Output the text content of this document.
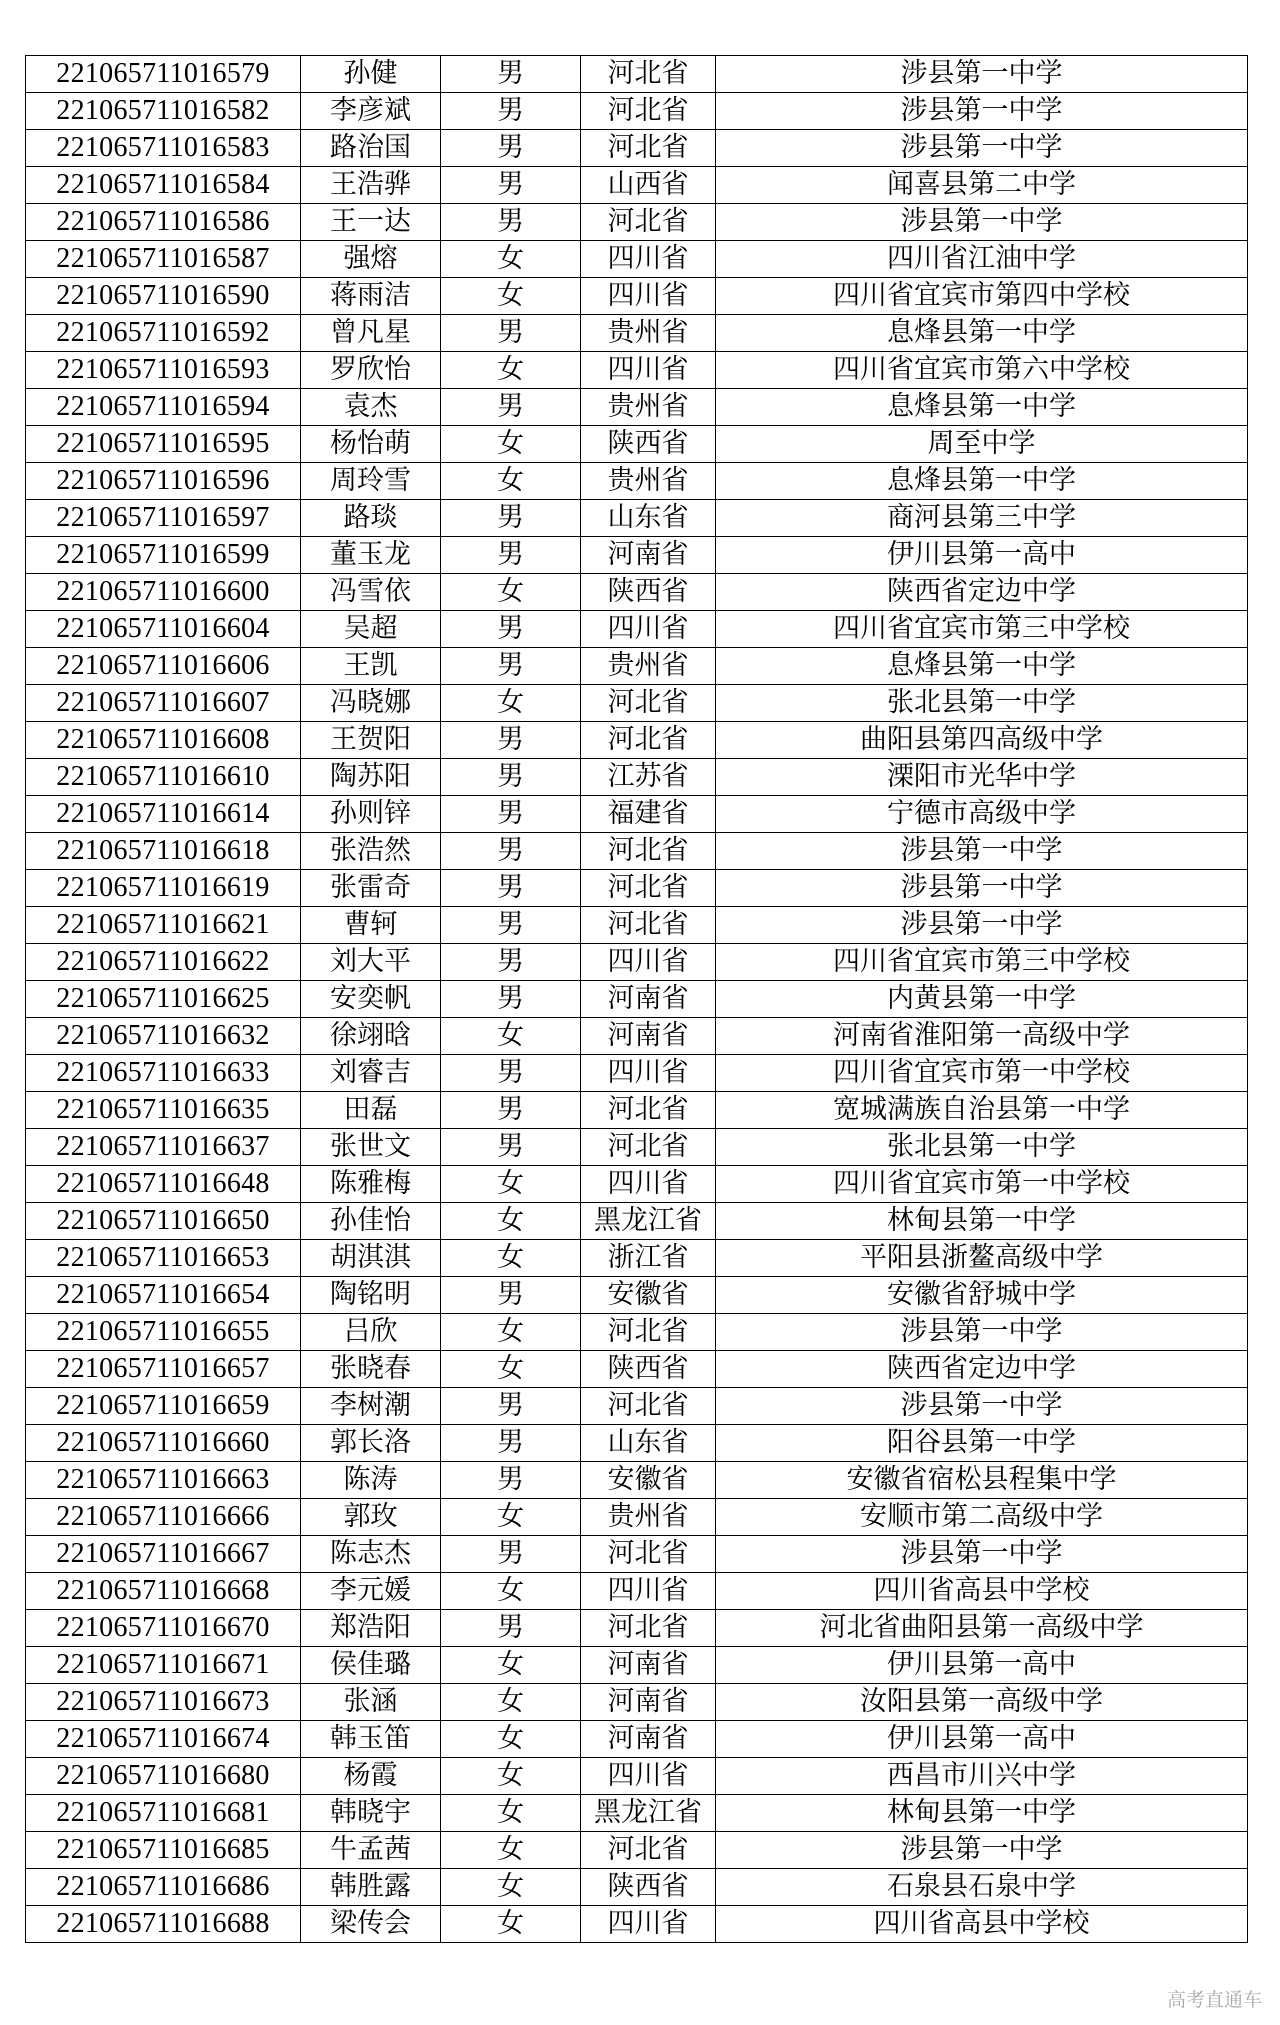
221065711016579	孙健	男	河北省	涉县第一中学
221065711016582	李彦斌	男	河北省	涉县第一中学
221065711016583	路治国	男	河北省	涉县第一中学
221065711016584	王浩骅	男	山西省	闻喜县第二中学
221065711016586	王一达	男	河北省	涉县第一中学
221065711016587	强熔	女	四川省	四川省江油中学
221065711016590	蒋雨洁	女	四川省	四川省宜宾市第四中学校
221065711016592	曾凡星	男	贵州省	息烽县第一中学
221065711016593	罗欣怡	女	四川省	四川省宜宾市第六中学校
221065711016594	袁杰	男	贵州省	息烽县第一中学
221065711016595	杨怡萌	女	陕西省	周至中学
221065711016596	周玲雪	女	贵州省	息烽县第一中学
221065711016597	路琰	男	山东省	商河县第三中学
221065711016599	董玉龙	男	河南省	伊川县第一高中
221065711016600	冯雪依	女	陕西省	陕西省定边中学
221065711016604	吴超	男	四川省	四川省宜宾市第三中学校
221065711016606	王凯	男	贵州省	息烽县第一中学
221065711016607	冯晓娜	女	河北省	张北县第一中学
221065711016608	王贺阳	男	河北省	曲阳县第四高级中学
221065711016610	陶苏阳	男	江苏省	溧阳市光华中学
221065711016614	孙则锌	男	福建省	宁德市高级中学
221065711016618	张浩然	男	河北省	涉县第一中学
221065711016619	张雷奇	男	河北省	涉县第一中学
221065711016621	曹轲	男	河北省	涉县第一中学
221065711016622	刘大平	男	四川省	四川省宜宾市第三中学校
221065711016625	安奕帆	男	河南省	内黄县第一中学
221065711016632	徐翊晗	女	河南省	河南省淮阳第一高级中学
221065711016633	刘睿吉	男	四川省	四川省宜宾市第一中学校
221065711016635	田磊	男	河北省	宽城满族自治县第一中学
221065711016637	张世文	男	河北省	张北县第一中学
221065711016648	陈雅梅	女	四川省	四川省宜宾市第一中学校
221065711016650	孙佳怡	女	黑龙江省	林甸县第一中学
221065711016653	胡淇淇	女	浙江省	平阳县浙鳌高级中学
221065711016654	陶铭明	男	安徽省	安徽省舒城中学
221065711016655	吕欣	女	河北省	涉县第一中学
221065711016657	张晓春	女	陕西省	陕西省定边中学
221065711016659	李树潮	男	河北省	涉县第一中学
221065711016660	郭长洛	男	山东省	阳谷县第一中学
221065711016663	陈涛	男	安徽省	安徽省宿松县程集中学
221065711016666	郭玫	女	贵州省	安顺市第二高级中学
221065711016667	陈志杰	男	河北省	涉县第一中学
221065711016668	李元媛	女	四川省	四川省高县中学校
221065711016670	郑浩阳	男	河北省	河北省曲阳县第一高级中学
221065711016671	侯佳璐	女	河南省	伊川县第一高中
221065711016673	张涵	女	河南省	汝阳县第一高级中学
221065711016674	韩玉笛	女	河南省	伊川县第一高中
221065711016680	杨霞	女	四川省	西昌市川兴中学
221065711016681	韩晓宇	女	黑龙江省	林甸县第一中学
221065711016685	牛孟茜	女	河北省	涉县第一中学
221065711016686	韩胜露	女	陕西省	石泉县石泉中学
221065711016688	梁传会	女	四川省	四川省高县中学校
高考直通车
